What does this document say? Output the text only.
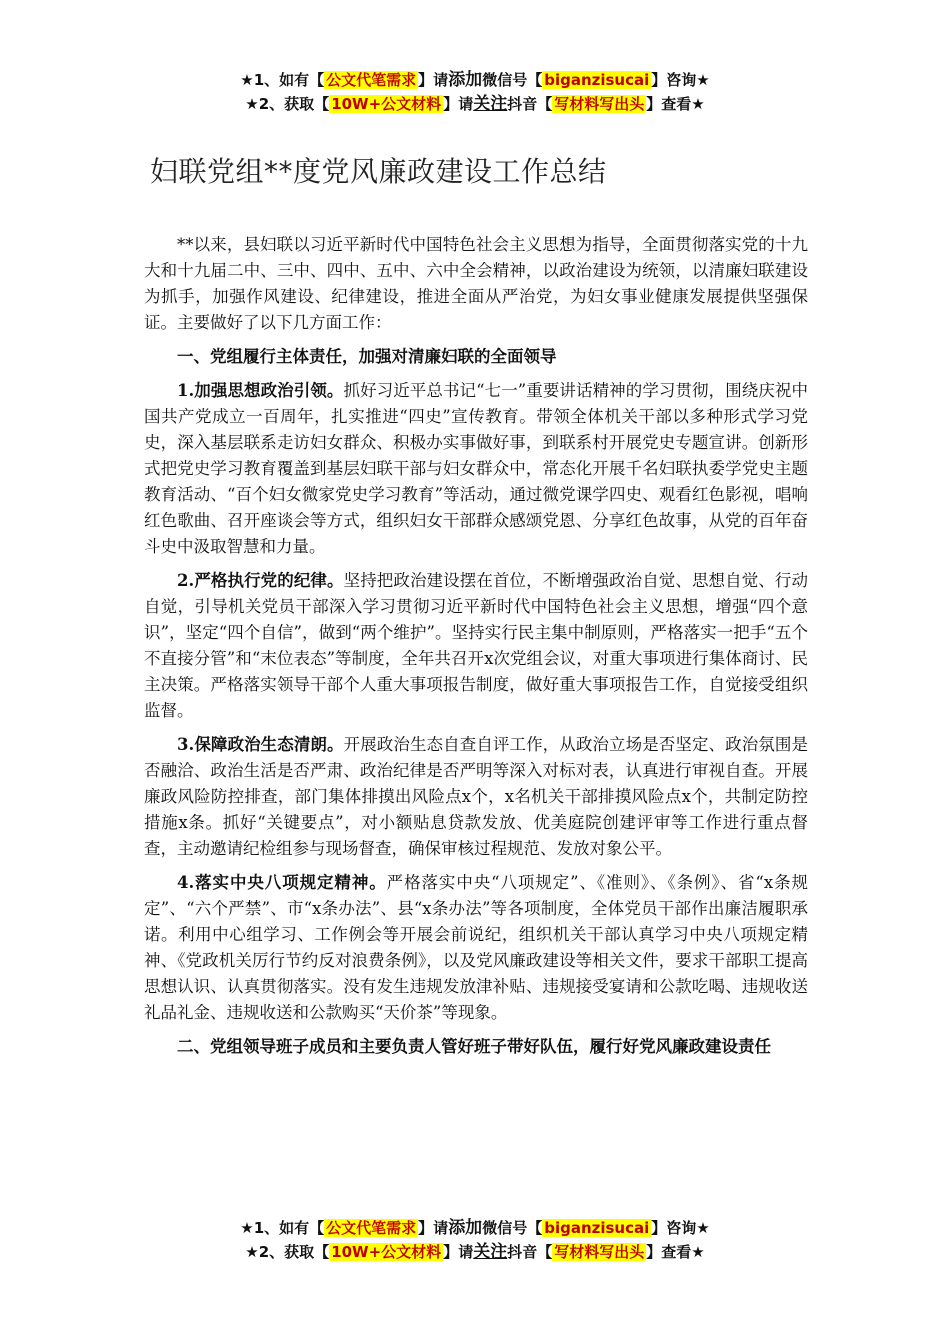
★1、如有【 公文代笔需求 】请添加微信号【 biganzisucai 】咨询★
★2、获取【 10W+公文材料 】请关注抖音【 写材料写出头 】查看★
妇联党组**度党风廉政建设工作总结

**以来，县妇联以习近平新时代中国特色社会主义思想为指导，全面贯彻落实党的十九大和十九届二中、三中、四中、五中、六中全会精神，以政治建设为统领，以清廉妇联建设为抓手，加强作风建设、纪律建设，推进全面从严治党，为妇女事业健康发展提供坚强保证。主要做好了以下几方面工作：

一、党组履行主体责任，加强对清廉妇联的全面领导

1.加强思想政治引领。抓好习近平总书记“七一”重要讲话精神的学习贯彻，围绕庆祝中国共产党成立一百周年，扎实推进“四史”宣传教育。带领全体机关干部以多种形式学习党史，深入基层联系走访妇女群众、积极办实事做好事，到联系村开展党史专题宣讲。创新形式把党史学习教育覆盖到基层妇联干部与妇女群众中，常态化开展千名妇联执委学党史主题教育活动、“百个妇女微家党史学习教育”等活动，通过微党课学四史、观看红色影视，唱响红色歌曲、召开座谈会等方式，组织妇女干部群众感颂党恩、分享红色故事，从党的百年奋斗史中汲取智慧和力量。

2.严格执行党的纪律。坚持把政治建设摆在首位，不断增强政治自觉、思想自觉、行动自觉，引导机关党员干部深入学习贯彻习近平新时代中国特色社会主义思想，增强“四个意识”，坚定“四个自信”，做到“两个维护”。坚持实行民主集中制原则，严格落实一把手“五个不直接分管”和“末位表态”等制度，全年共召开x次党组会议，对重大事项进行集体商讨、民主决策。严格落实领导干部个人重大事项报告制度，做好重大事项报告工作，自觉接受组织监督。

3.保障政治生态清朗。开展政治生态自查自评工作，从政治立场是否坚定、政治氛围是否融洽、政治生活是否严肃、政治纪律是否严明等深入对标对表，认真进行审视自查。开展廉政风险防控排查，部门集体排摸出风险点x个，x名机关干部排摸风险点x个，共制定防控措施x条。抓好“关键要点”，对小额贴息贷款发放、优美庭院创建评审等工作进行重点督查，主动邀请纪检组参与现场督查，确保审核过程规范、发放对象公平。

4.落实中央八项规定精神。严格落实中央“八项规定”、《准则》、《条例》、省“x条规定”、“六个严禁”、市“x条办法”、县“x条办法”等各项制度，全体党员干部作出廉洁履职承诺。利用中心组学习、工作例会等开展会前说纪，组织机关干部认真学习中央八项规定精神、《党政机关厉行节约反对浪费条例》，以及党风廉政建设等相关文件，要求干部职工提高思想认识、认真贯彻落实。没有发生违规发放津补贴、违规接受宴请和公款吃喝、违规收送礼品礼金、违规收送和公款购买“天价茶”等现象。

二、党组领导班子成员和主要负责人管好班子带好队伍，履行好党风廉政建设责任

★1、如有【 公文代笔需求 】请添加微信号【 biganzisucai 】咨询★
★2、获取【 10W+公文材料 】请关注抖音【 写材料写出头 】查看★
